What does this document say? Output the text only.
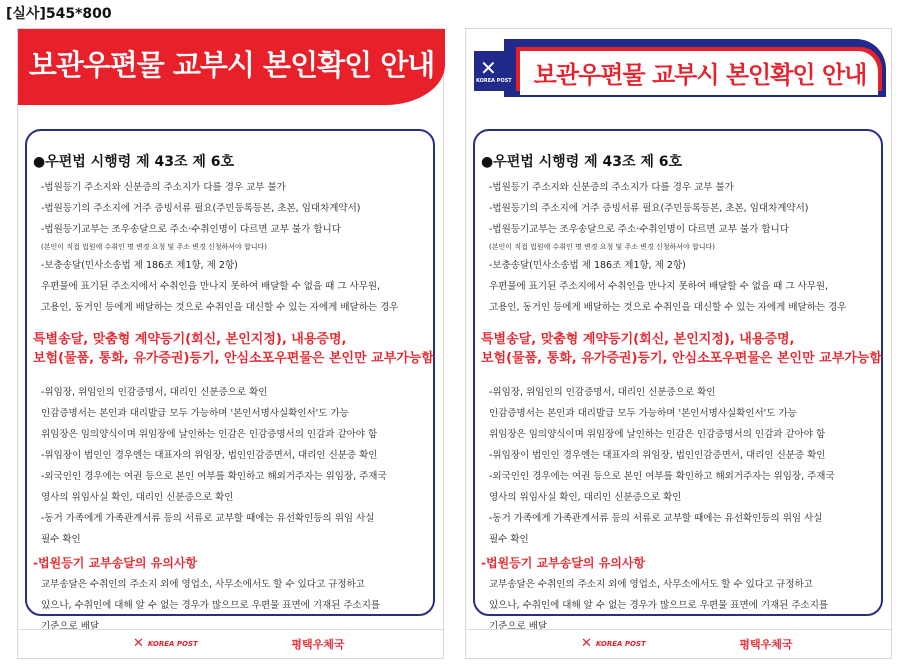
[실사]545*800
보관우편물 교부시 본인확인 안내
●우편법 시행령 제 43조 제 6호
-법원등기 주소지와 신분증의 주소지가 다를 경우 교부 불가
-법원등기의 주소지에 거주 증빙서류 필요(주민등록등본, 초본, 임대차계약서)
-법원등기교부는 조우송달으로 주소·수취인명이 다르면 교부 불가 합니다
(본인이 직접 법원에 수취인 명 변경 요청 및 주소 변경 신청하셔야 합니다)
-보충송달(민사소송법 제 186조 제1항, 제 2항)
우편물에 표기된 주소지에서 수취인을 만나지 못하여 배달할 수 없을 때 그 사무원,
고용인, 동거인 등에게 배달하는 것으로 수취인을 대신할 수 있는 자에게 배달하는 경우
특별송달, 맞춤형 계약등기(회신, 본인지정), 내용증명,
보험(물품, 통화, 유가증권)등기, 안심소포우편물은 본인만 교부가능함
-위임장, 위임인의 인감증명서, 대리인 신분증으로 확인
인감증명서는 본인과 대리발급 모두 가능하며 '본인서명사실확인서'도 가능
위임장은 임의양식이며 위임장에 날인하는 인감은 인감증명서의 인감과 같아야 함
-위임장이 법인인 경우엔는 대표자의 위임장, 법인인감증면서, 대리인 신분증 확인
-외국인인 경우에는 여권 등으로 본인 여부를 확인하고 해외거주자는 위임장, 주재국
영사의 위임사실 확인, 대리인 신분증으로 확인
-동거 가족에게 가족관계서류 등의 서류로 교부할 때에는 유선확인등의 위임 사실
필수 확인
-법원등기 교부송달의 유의사항
교부송달은 수취인의 주소지 외에 영업소, 사무소에서도 할 수 있다고 규정하고
있으나, 수취인에 대해 알 수 없는 경우가 많으므로 우편물 표면에 기재된 주소지를
기준으로 배달
✕ KOREA POST	평택우체국
✕
KOREA POST 보관우편물 교부시 본인확인 안내
●우편법 시행령 제 43조 제 6호
-법원등기 주소지와 신분증의 주소지가 다를 경우 교부 불가
-법원등기의 주소지에 거주 증빙서류 필요(주민등록등본, 초본, 임대차계약서)
-법원등기교부는 조우송달으로 주소·수취인명이 다르면 교부 불가 합니다
(본인이 직접 법원에 수취인 명 변경 요청 및 주소 변경 신청하셔야 합니다)
-보충송달(민사소송법 제 186조 제1항, 제 2항)
우편물에 표기된 주소지에서 수취인을 만나지 못하여 배달할 수 없을 때 그 사무원,
고용인, 동거인 등에게 배달하는 것으로 수취인을 대신할 수 있는 자에게 배달하는 경우
특별송달, 맞춤형 계약등기(회신, 본인지정), 내용증명,
보험(물품, 통화, 유가증권)등기, 안심소포우편물은 본인만 교부가능함
-위임장, 위임인의 인감증명서, 대리인 신분증으로 확인
인감증명서는 본인과 대리발급 모두 가능하며 '본인서명사실확인서'도 가능
위임장은 임의양식이며 위임장에 날인하는 인감은 인감증명서의 인감과 같아야 함
-위임장이 법인인 경우엔는 대표자의 위임장, 법인인감증면서, 대리인 신분증 확인
-외국인인 경우에는 여권 등으로 본인 여부를 확인하고 해외거주자는 위임장, 주재국
영사의 위임사실 확인, 대리인 신분증으로 확인
-동거 가족에게 가족관계서류 등의 서류로 교부할 때에는 유선확인등의 위임 사실
필수 확인
-법원등기 교부송달의 유의사항
교부송달은 수취인의 주소지 외에 영업소, 사무소에서도 할 수 있다고 규정하고
있으나, 수취인에 대해 알 수 없는 경우가 많으므로 우편물 표면에 기재된 주소지를
기준으로 배달
✕ KOREA POST	평택우체국
